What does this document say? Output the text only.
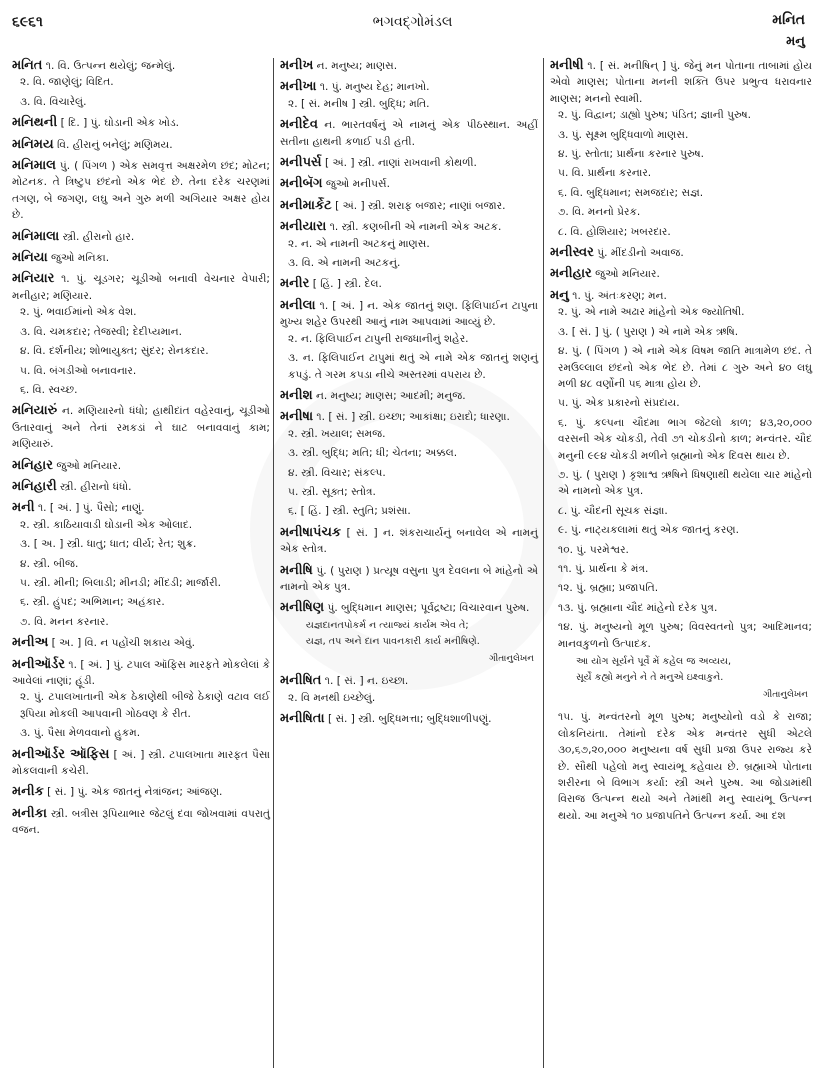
૬૯૬૧	ભગવદ્ગોમંડલ	મનિત
મનુ
મનિત ૧. વિ. ઉત્પન્ન થયેલું; જન્મેલું.
૨. વિ. જાણેલું; વિદિત.
૩. વિ. વિચારેલું.
મનિથની [ દિ. ] પું. ઘોડાની એક ખોડ.
મનિમય વિ. હીરાનું બનેલું; મણિમય.
મનિમાલ પું. ( પિંગળ ) એક સમવૃત્ત અક્ષરમેળ છંદ; મોટન; મોટનક. તે ત્રિષ્ટુપ છંદનો એક ભેદ છે. તેના દરેક ચરણમાં તગણ, બે જગણ, લઘુ અને ગુરુ મળી અગિયાર અક્ષર હોય છે.
મનિમાલા સ્ત્રી. હીરાનો હાર.
મનિયા જુઓ મનિકા.
મનિયાર ૧. પું. ચૂડગર; ચૂડીઓ બનાવી વેચનાર વેપારી; મનીહાર; મણિયાર.
૨. પું. ભવાઈમાંનો એક વેશ.
૩. વિ. ચમકદાર; તેજસ્વી; દેદીપ્યમાન.
૪. વિ. દર્શનીય; શોભાયુક્ત; સુંદર; રોનકદાર.
૫. વિ. બંગડીઓ બનાવનાર.
૬. વિ. સ્વચ્છ.
મનિયારું ન. મણિયારનો ધંધો; હાથીદાંત વહેરવાનું, ચૂડીઓ ઉતારવાનું અને તેનાં રમકડાં ને ઘાટ બનાવવાનું કામ; મણિયારું.
મનિહાર જુઓ મનિયાર.
મનિહારી સ્ત્રી. હીરાનો ધંધો.
મની ૧. [ અં. ] પું. પૈસો; નાણું.
૨. સ્ત્રી. કાઠિયાવાડી ઘોડાની એક ઓલાદ.
૩. [ અ. ] સ્ત્રી. ધાતુ; ધાત; વીર્ય; રેત; શુક્ર.
૪. સ્ત્રી. બીજ.
૫. સ્ત્રી. મીની; બિલાડી; મીનડી; મીંદડી; માર્જારી.
૬. સ્ત્રી. હુંપદ; અભિમાન; અહંકાર.
૭. વિ. મનન કરનાર.
મનીઅ [ અ. ] વિ. ન પહોંચી શકાય એવું.
મનીઑર્ડર ૧. [ અં. ] પું. ટપાલ ઑફિસ મારફતે મોકલેલાં કે આવેલાં નાણાં; હૂંડી.
૨. પું. ટપાલખાતાની એક ઠેકાણેથી બીજે ઠેકાણે વટાવ લઈ રૂપિયા મોકલી આપવાની ગોઠવણ કે રીત.
૩. પું. પૈસા મેળવવાનો હુકમ.
મનીઑર્ડર ઑફિસ [ અં. ] સ્ત્રી. ટપાલખાતા મારફત પૈસા મોકલવાની કચેરી.
મનીક [ સં. ] પું. એક જાતનું નેત્રાંજન; આંજણ.
મનીકા સ્ત્રી. બત્રીસ રૂપિયાભાર જેટલું દવા જોખવામાં વપરાતું વજન.
મનીખ ન. મનુષ્ય; માણસ.
મનીખા ૧. પું. મનુષ્ય દેહ; માનખો.
૨. [ સં. મનીષ ] સ્ત્રી. બુદ્ધિ; મતિ.
મનીદેવ ન. ભારતવર્ષનું એ નામનું એક પીઠસ્થાન. અહીં સતીના હાથની કળાઈ પડી હતી.
મનીપર્સ [ અં. ] સ્ત્રી. નાણાં રાખવાની કોથળી.
મનીબૅગ જુઓ મનીપર્સ.
મનીમાર્કેટ [ અં. ] સ્ત્રી. શરાફ બજાર; નાણાં બજાર.
મનીયારા ૧. સ્ત્રી. કણબીની એ નામની એક અટક.
૨. ન. એ નામની અટકનું માણસ.
૩. વિ. એ નામની અટકનું.
મનીર [ હિં. ] સ્ત્રી. દેલ.
મનીલા ૧. [ અં. ] ન. એક જાતનું શણ. ફિલિપાઈન ટાપુના મુખ્ય શહેર ઉપરથી આનું નામ આપવામાં આવ્યું છે.
૨. ન. ફિલિપાઈન ટાપુની રાજધાનીનું શહેર.
૩. ન. ફિલિપાઈન ટાપુમાં થતું એ નામે એક જાતનું શણનું કપડું. તે ગરમ કપડા નીચે અસ્તરમાં વપરાય છે.
મનીશ ન. મનુષ્ય; માણસ; આદમી; મનુજ.
મનીષા ૧. [ સં. ] સ્ત્રી. ઇચ્છા; આકાંક્ષા; ઇરાદો; ધારણા.
૨. સ્ત્રી. ખયાલ; સમજ.
૩. સ્ત્રી. બુદ્ધિ; મતિ; ધી; ચેતના; અક્કલ.
૪. સ્ત્રી. વિચાર; સંકલ્પ.
૫. સ્ત્રી. સૂક્ત; સ્તોત્ર.
૬. [ હિં. ] સ્ત્રી. સ્તુતિ; પ્રશંસા.
મનીષાપંચક [ સં. ] ન. શંકરાચાર્યનું બનાવેલ એ નામનું એક સ્તોત્ર.
મનીષિ પું. ( પુરાણ ) પ્રત્યૂષ વસુના પુત્ર દેવલના બે માંહેનો એ નામનો એક પુત્ર.
મનીષિણ પું. બુદ્ધિમાન માણસ; પૂર્વદ્રષ્ટા; વિચારવાન પુરુષ.
યજ્ઞદાનતપોકર્મ ન ત્યાજ્યં કાર્યમ એવ તે;
યજ્ઞ, તપ અને દાન પાવનકારી કાર્ય મનીષિણે.
ગીતાનુલેખન
મનીષિત ૧. [ સં. ] ન. ઇચ્છા.
૨. વિ મનથી ઇચ્છેલું.
મનીષિતા [ સં. ] સ્ત્રી. બુદ્ધિમત્તા; બુદ્ધિશાળીપણું.
મનીષી ૧. [ સં. મનીષિન્ ] પું. જેનું મન પોતાના તાબામાં હોય એવો માણસ; પોતાના મનની શક્તિ ઉપર પ્રભુત્વ ધરાવનાર માણસ; મનનો સ્વામી.
૨. પું. વિદ્વાન; ડાહ્યો પુરુષ; પંડિત; જ્ઞાની પુરુષ.
૩. પું. સૂક્ષ્મ બુદ્ધિવાળો માણસ.
૪. પું. સ્તોતા; પ્રાર્થના કરનાર પુરુષ.
૫. વિ. પ્રાર્થના કરનાર.
૬. વિ. બુદ્ધિમાન; સમજદાર; સજ્ઞ.
૭. વિ. મનનો પ્રેરક.
૮. વિ. હોશિયાર; ખબરદાર.
મનીસ્વર પું. મીંદડીનો અવાજ.
મનીહાર જુઓ મનિયાર.
મનુ ૧. પું. અંતઃકરણ; મન.
૨. પું. એ નામે અઢાર માંહેનો એક જ્યોતિષી.
૩. [ સં. ] પું. ( પુરાણ ) એ નામે એક ઋષિ.
૪. પું. ( પિંગળ ) એ નામે એક વિષમ જાતિ માત્રામેળ છંદ. તે રમઉલ્લાલ છંદનો એક ભેદ છે. તેમાં ૮ ગુરુ અને ૪૦ લઘુ મળી ૪૮ વર્ણોની ૫૬ માત્રા હોય છે.
૫. પું. એક પ્રકારનો સંપ્રદાય.
૬. પું. કલ્પના ચૌદમા ભાગ જેટલો કાળ; ૪૩,૨૦,૦૦૦ વરસની એક ચોકડી, તેવી ૭૧ ચોકડીનો કાળ; મન્વંતર. ચૌદ મનુની ૯૯૪ ચોકડી મળીને બ્રહ્માનો એક દિવસ થાય છે.
૭. પું. ( પુરાણ ) કૃશાશ્વ ઋષિને ધિષણાથી થયેલા ચાર માંહેનો એ નામનો એક પુત્ર.
૮. પું. ચૌદની સૂચક સંજ્ઞા.
૯. પું. નાટ્યકલામાં થતું એક જાતનું કરણ.
૧૦. પું. પરમેશ્વર.
૧૧. પું. પ્રાર્થના કે મંત્ર.
૧૨. પું. બ્રહ્મા; પ્રજાપતિ.
૧૩. પું. બ્રહ્માના ચૌદ માંહેનો દરેક પુત્ર.
૧૪. પું. મનુષ્યનો મૂળ પુરુષ; વિવસ્વતનો પુત્ર; આદિમાનવ; માનવકુળનો ઉત્પાદક.
આ યોગ સૂર્યને પૂર્વે મેં કહેલ જ અવ્યય,
સૂર્યે કહ્યો મનુને ને તે મનુએ ઇક્ષ્વાકુને.
ગીતાનુલેખન
૧૫. પું. મન્વંતરનો મૂળ પુરુષ; મનુષ્યોનો વડો કે રાજા; લોકનિયંતા. તેમાંનો દરેક એક મન્વંતર સુધી એટલે ૩૦,૬૭,૨૦,૦૦૦ મનુષ્યના વર્ષ સુધી પ્રજા ઉપર રાજ્ય કરે છે. સૌથી પહેલો મનુ સ્વાયંભૂ કહેવાય છે. બ્રહ્માએ પોતાના શરીરના બે વિભાગ કર્યા: સ્ત્રી અને પુરુષ. આ જોડામાંથી વિરાજ ઉત્પન્ન થયો અને તેમાંથી મનુ સ્વાયંભૂ ઉત્પન્ન થયો. આ મનુએ ૧૦ પ્રજાપતિને ઉત્પન્ન કર્યા. આ દશ
